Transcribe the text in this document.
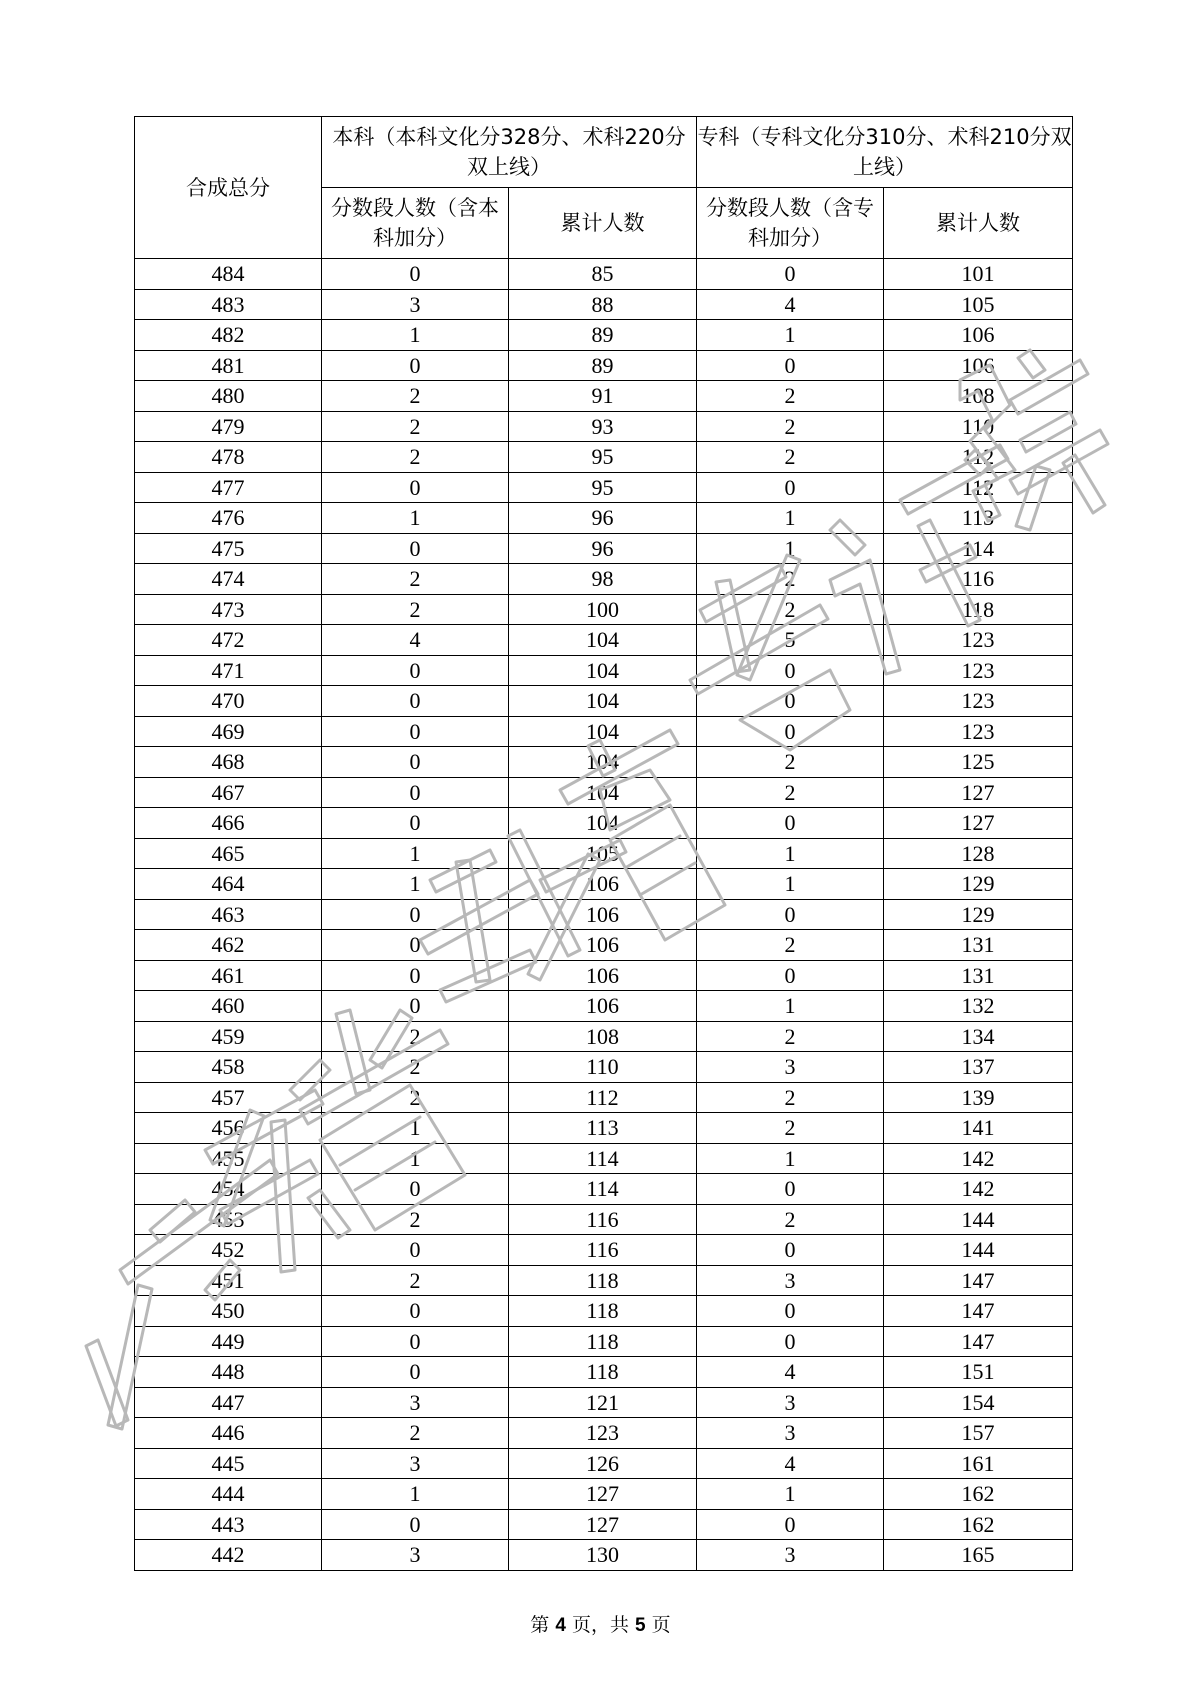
合成总分	本科（本科文化分328分、术科220分双上线）		专科（专科文化分310分、术科210分双上线）	
	分数段人数（含本科加分）	累计人数	分数段人数（含专科加分）	累计人数
484	0	85	0	101
483	3	88	4	105
482	1	89	1	106
481	0	89	0	106
480	2	91	2	108
479	2	93	2	110
478	2	95	2	112
477	0	95	0	112
476	1	96	1	113
475	0	96	1	114
474	2	98	2	116
473	2	100	2	118
472	4	104	5	123
471	0	104	0	123
470	0	104	0	123
469	0	104	0	123
468	0	104	2	125
467	0	104	2	127
466	0	104	0	127
465	1	105	1	128
464	1	106	1	129
463	0	106	0	129
462	0	106	2	131
461	0	106	0	131
460	0	106	1	132
459	2	108	2	134
458	2	110	3	137
457	2	112	2	139
456	1	113	2	141
455	1	114	1	142
454	0	114	0	142
453	2	116	2	144
452	0	116	0	144
451	2	118	3	147
450	0	118	0	147
449	0	118	0	147
448	0	118	4	151
447	3	121	3	154
446	2	123	3	157
445	3	126	4	161
444	1	127	1	162
443	0	127	0	162
442	3	130	3	165
第 4 页，共 5 页
